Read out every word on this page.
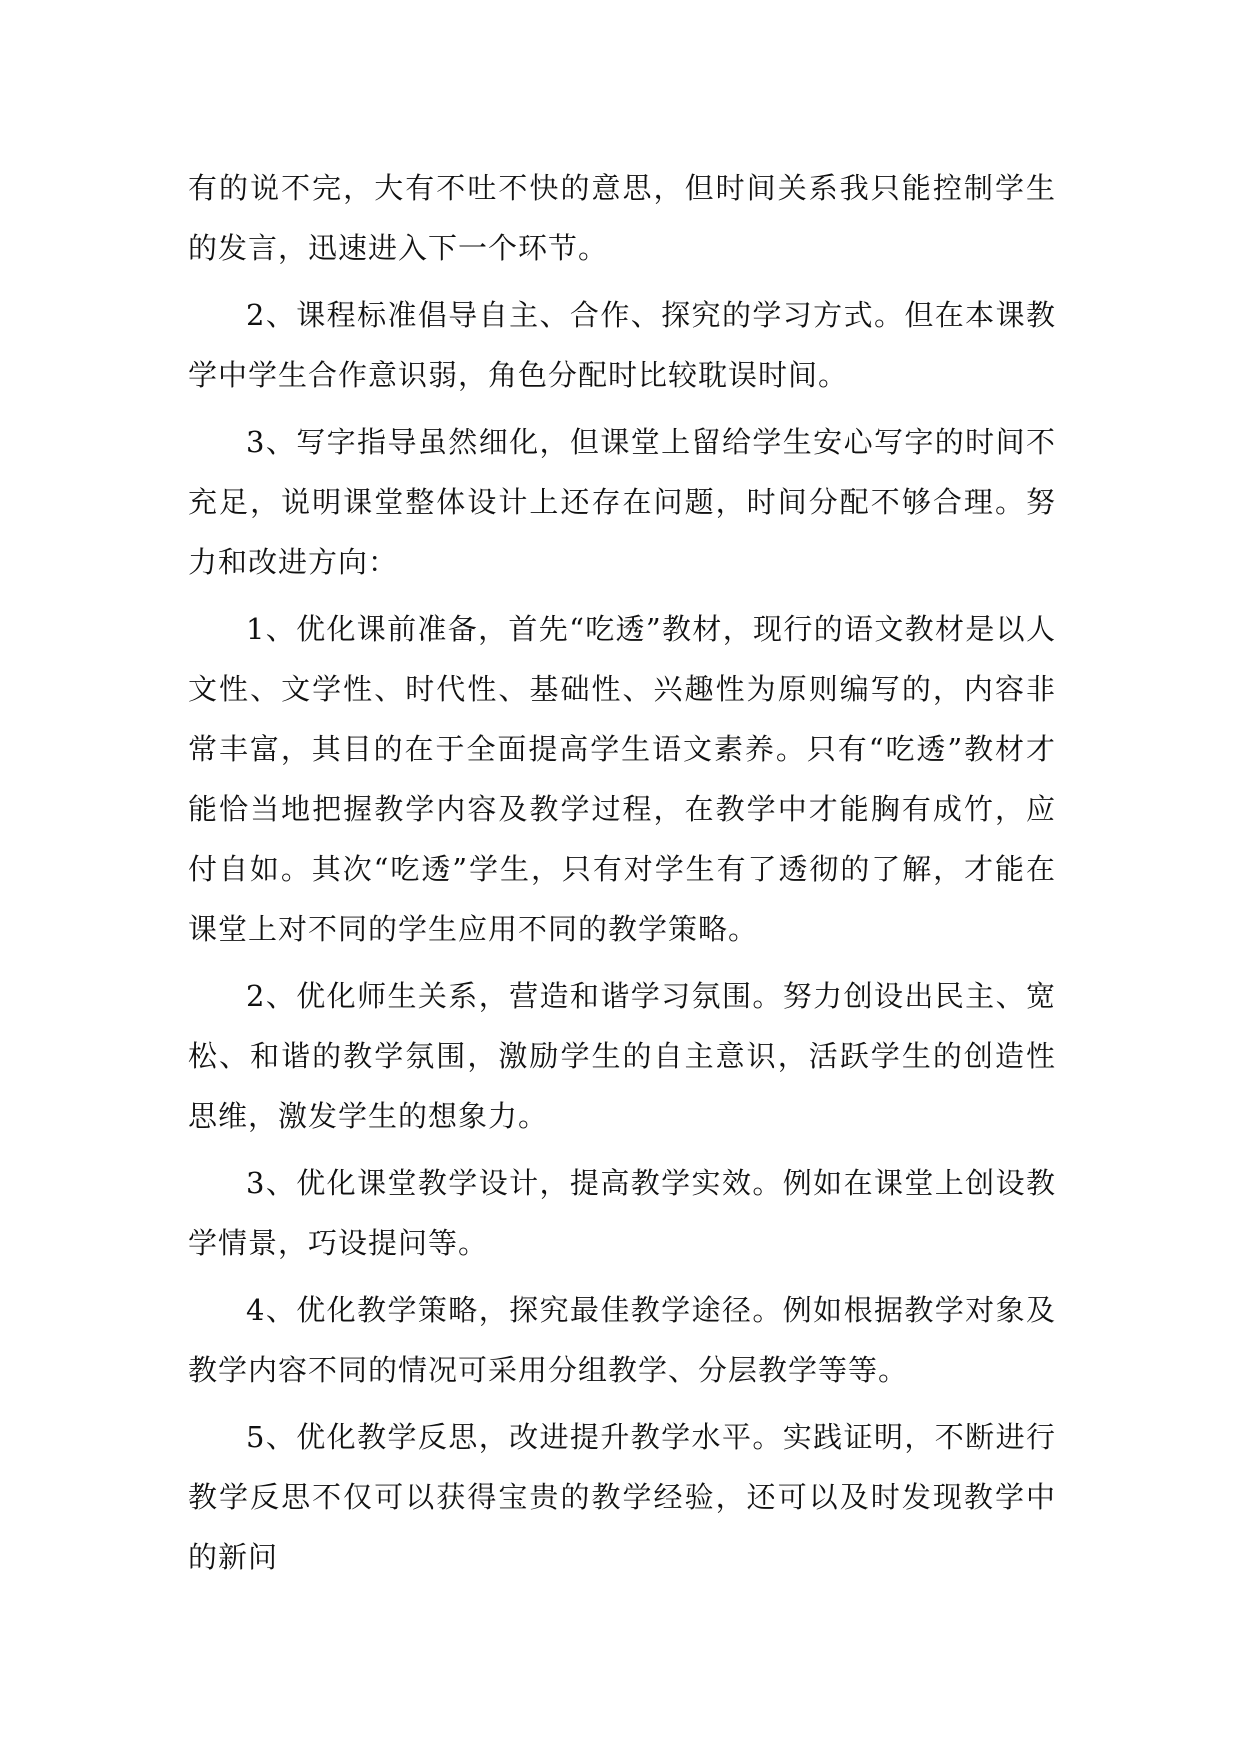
有的说不完，大有不吐不快的意思，但时间关系我只能控制学生的发言，迅速进入下一个环节。

2、课程标准倡导自主、合作、探究的学习方式。但在本课教学中学生合作意识弱，角色分配时比较耽误时间。

3、写字指导虽然细化，但课堂上留给学生安心写字的时间不充足，说明课堂整体设计上还存在问题，时间分配不够合理。努力和改进方向：

1、优化课前准备，首先“吃透”教材，现行的语文教材是以人文性、文学性、时代性、基础性、兴趣性为原则编写的，内容非常丰富，其目的在于全面提高学生语文素养。只有“吃透”教材才能恰当地把握教学内容及教学过程，在教学中才能胸有成竹，应付自如。其次“吃透”学生，只有对学生有了透彻的了解，才能在课堂上对不同的学生应用不同的教学策略。

2、优化师生关系，营造和谐学习氛围。努力创设出民主、宽松、和谐的教学氛围，激励学生的自主意识，活跃学生的创造性思维，激发学生的想象力。

3、优化课堂教学设计，提高教学实效。例如在课堂上创设教学情景，巧设提问等。

4、优化教学策略，探究最佳教学途径。例如根据教学对象及教学内容不同的情况可采用分组教学、分层教学等等。

5、优化教学反思，改进提升教学水平。实践证明，不断进行教学反思不仅可以获得宝贵的教学经验，还可以及时发现教学中的新问
